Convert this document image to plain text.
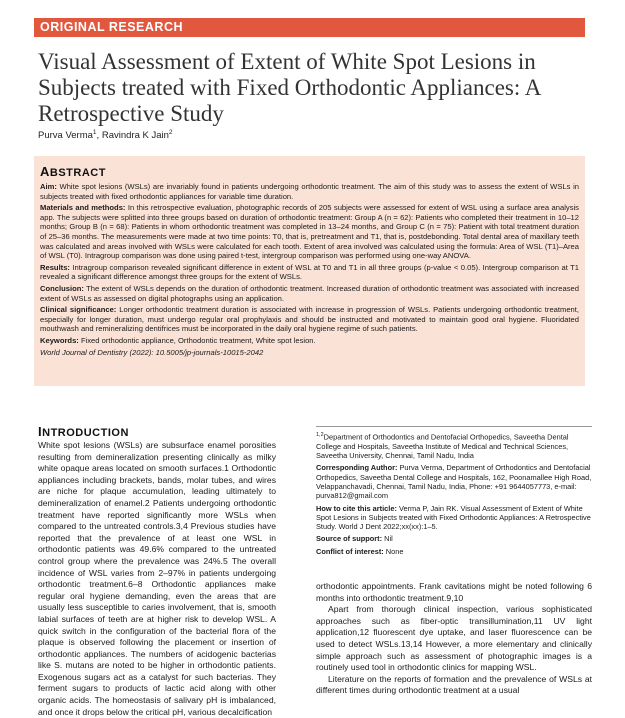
ORIGINAL RESEARCH
Visual Assessment of Extent of White Spot Lesions in Subjects treated with Fixed Orthodontic Appliances: A Retrospective Study
Purva Verma$^1$, Ravindra K Jain$^2$
ABSTRACT

Aim: White spot lesions (WSLs) are invariably found in patients undergoing orthodontic treatment. The aim of this study was to assess the extent of WSLs in subjects treated with fixed orthodontic appliances for variable time duration.

Materials and methods: In this retrospective evaluation, photographic records of 205 subjects were assessed for extent of WSL using a surface area analysis app. The subjects were splitted into three groups based on duration of orthodontic treatment: Group A (n = 62): Patients who completed their treatment in 10–12 months; Group B (n = 68): Patients in whom orthodontic treatment was completed in 13–24 months, and Group C (n = 75): Patient with total treatment duration of 25–36 months. The measurements were made at two time points: T0, that is, pretreatment and T1, that is, postdebonding. Total dental area of maxillary teeth was calculated and areas involved with WSLs were calculated for each tooth. Extent of area involved was calculated using the formula: Area of WSL (T1)–Area of WSL (T0). Intragroup comparison was done using paired t-test, intergroup comparison was performed using one-way ANOVA.

Results: Intragroup comparison revealed significant difference in extent of WSL at T0 and T1 in all three groups (p-value < 0.05). Intergroup comparison at T1 revealed a significant difference amongst three groups for the extent of WSLs.

Conclusion: The extent of WSLs depends on the duration of orthodontic treatment. Increased duration of orthodontic treatment was associated with increased extent of WSLs as assessed on digital photographs using an application.

Clinical significance: Longer orthodontic treatment duration is associated with increase in progression of WSLs. Patients undergoing orthodontic treatment, especially for longer duration, must undergo regular oral prophylaxis and should be instructed and motivated to maintain good oral hygiene. Fluoridated mouthwash and remineralizing dentifrices must be incorporated in the daily oral hygiene regime of such patients.

Keywords: Fixed orthodontic appliance, Orthodontic treatment, White spot lesion.

World Journal of Dentistry (2022): 10.5005/jp-journals-10015-2042

INTRODUCTION

White spot lesions (WSLs) are subsurface enamel porosities resulting from demineralization presenting clinically as milky white opaque areas located on smooth surfaces.1 Orthodontic appliances including brackets, bands, molar tubes, and wires are niche for plaque accumulation, leading ultimately to demineralization of enamel.2 Patients undergoing orthodontic treatment have reported significantly more WSLs when compared to the untreated controls.3,4 Previous studies have reported that the prevalence of at least one WSL in orthodontic patients was 49.6% compared to the untreated control group where the prevalence was 24%.5 The overall incidence of WSL varies from 2–97% in patients undergoing orthodontic treatment.6–8 Orthodontic appliances make regular oral hygiene demanding, even the areas that are usually less susceptible to caries involvement, that is, smooth labial surfaces of teeth are at higher risk to develop WSL. A quick switch in the configuration of the bacterial flora of the plaque is observed following the placement or insertion of orthodontic appliances. The numbers of acidogenic bacterias like S. mutans are noted to be higher in orthodontic patients. Exogenous sugars act as a catalyst for such bacterias. They ferment sugars to products of lactic acid along with other organic acids. The homeostasis of salivary pH is imbalanced, and once it drops below the critical pH, various decalcification

$^{1,2}$Department of Orthodontics and Dentofacial Orthopedics, Saveetha Dental College and Hospitals, Saveetha Institute of Medical and Technical Sciences, Saveetha University, Chennai, Tamil Nadu, India

Corresponding Author: Purva Verma, Department of Orthodontics and Dentofacial Orthopedics, Saveetha Dental College and Hospitals, 162, Poonamallee High Road, Velappanchavadi, Chennai, Tamil Nadu, India, Phone: +91 9644057773, e-mail: purva812@gmail.com

How to cite this article: Verma P, Jain RK. Visual Assessment of Extent of White Spot Lesions in Subjects treated with Fixed Orthodontic Appliances: A Retrospective Study. World J Dent 2022;xx(xx):1–5.

Source of support: Nil

Conflict of interest: None

orthodontic appointments. Frank cavitations might be noted following 6 months into orthodontic treatment.9,10

Apart from thorough clinical inspection, various sophisticated approaches such as fiber-optic transillumination,11 UV light application,12 fluorescent dye uptake, and laser fluorescence can be used to detect WSLs.13,14 However, a more elementary and clinically simple approach such as assessment of photographic images is a routinely used tool in orthodontic clinics for mapping WSL.

Literature on the reports of formation and the prevalence of WSLs at different times during orthodontic treatment at a usual
